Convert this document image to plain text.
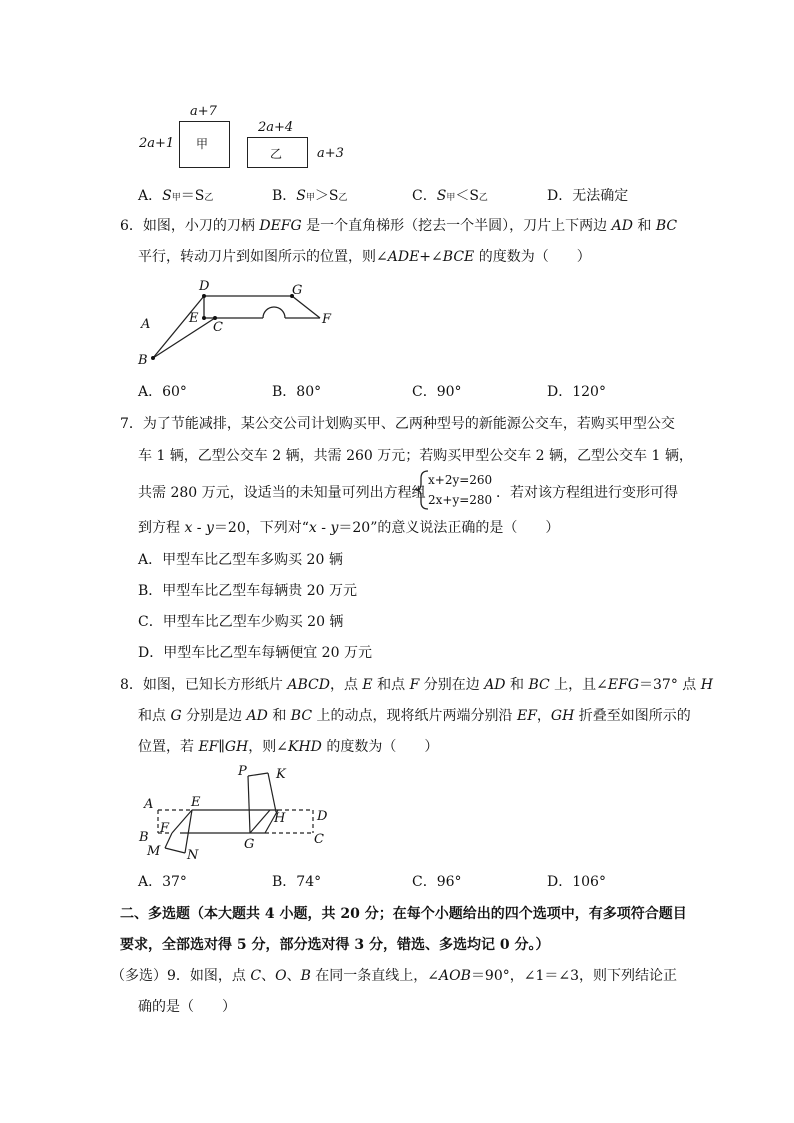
a+7
2a+1 甲
2a+4
乙	a+3
A．S甲＝S乙	B．S甲＞S乙	C．S甲＜S乙	D．无法确定
6．如图，小刀的刀柄 DEFG 是一个直角梯形（挖去一个半圆），刀片上下两边 AD 和 BC
平行，转动刀片到如图所示的位置，则∠ADE+∠BCE 的度数为（　　）
D	G
A	E
C
F
B
A．60°	B．80°	C．90°	D．120°
7．为了节能减排，某公交公司计划购买甲、乙两种型号的新能源公交车，若购买甲型公交
车 1 辆，乙型公交车 2 辆，共需 260 万元；若购买甲型公交车 2 辆，乙型公交车 1 辆，
共需 280 万元，设适当的未知量可列出方程组
x+2y=260
2x+y=280 ．若对该方程组进行变形可得
到方程 x - y＝20，下列对“x - y＝20”的意义说法正确的是（　　）
A．甲型车比乙型车多购买 20 辆
B．甲型车比乙型车每辆贵 20 万元
C．甲型车比乙型车少购买 20 辆
D．甲型车比乙型车每辆便宜 20 万元
8．如图，已知长方形纸片 ABCD，点 E 和点 F 分别在边 AD 和 BC 上，且∠EFG＝37° 点 H
和点 G 分别是边 AD 和 BC 上的动点，现将纸片两端分别沿 EF，GH 折叠至如图所示的
位置，若 EF∥GH，则∠KHD 的度数为（　　）
P K
A	E
D
F
H
B	C
M N
G
A．37°	B．74°	C．96°	D．106°
二、多选题（本大题共 4 小题，共 20 分；在每个小题给出的四个选项中，有多项符合题目
要求，全部选对得 5 分，部分选对得 3 分，错选、多选均记 0 分。）
（多选）9．如图，点 C、O、B 在同一条直线上，∠AOB＝90°，∠1＝∠3，则下列结论正
确的是（　　）
